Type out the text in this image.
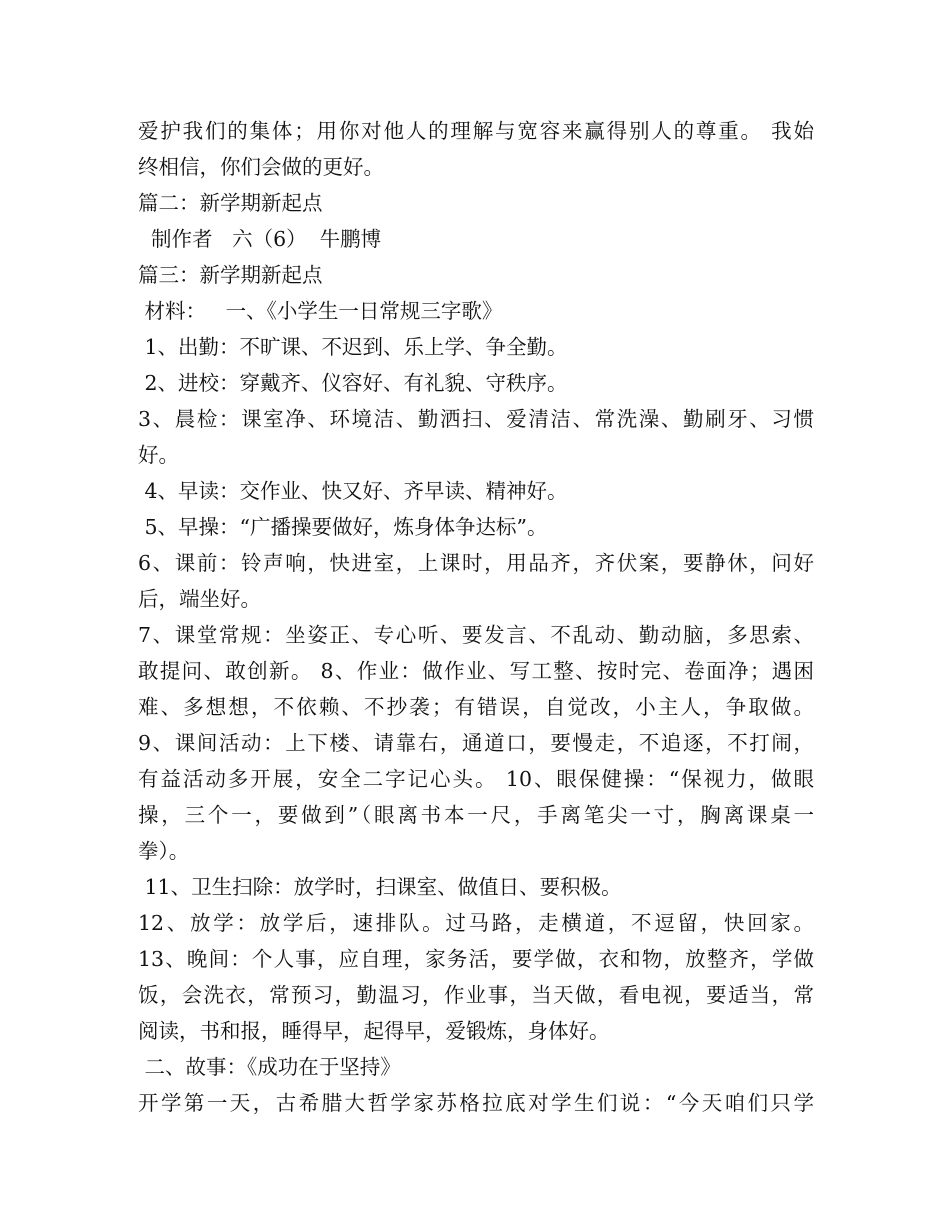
爱护我们的集体；用你对他人的理解与宽容来赢得别人的尊重。 我始
终相信，你们会做的更好。
篇二：新学期新起点
制作者   六（6）  牛鹏博
篇三：新学期新起点
材料：   一、《小学生一日常规三字歌》
1、出勤：不旷课、不迟到、乐上学、争全勤。
2、进校：穿戴齐、仪容好、有礼貌、守秩序。
3、晨检：课室净、环境洁、勤洒扫、爱清洁、常洗澡、勤刷牙、习惯
好。
4、早读：交作业、快又好、齐早读、精神好。
5、早操：“广播操要做好，炼身体争达标”。
6、课前：铃声响，快进室，上课时，用品齐，齐伏案，要静休，问好
后，端坐好。
7、课堂常规：坐姿正、专心听、要发言、不乱动、勤动脑，多思索、
敢提问、敢创新。 8、作业：做作业、写工整、按时完、卷面净；遇困
难、多想想，不依赖、不抄袭；有错误，自觉改，小主人，争取做。
9、课间活动：上下楼、请靠右，通道口，要慢走，不追逐，不打闹，
有益活动多开展，安全二字记心头。 10、眼保健操：“保视力，做眼
操，三个一，要做到”（眼离书本一尺，手离笔尖一寸，胸离课桌一
拳）。
11、卫生扫除：放学时，扫课室、做值日、要积极。
12、放学：放学后，速排队。过马路，走横道，不逗留，快回家。
13、晚间：个人事，应自理，家务活，要学做，衣和物，放整齐，学做
饭，会洗衣，常预习，勤温习，作业事，当天做，看电视，要适当，常
阅读，书和报，睡得早，起得早，爱锻炼，身体好。
二、故事：《成功在于坚持》
开学第一天，古希腊大哲学家苏格拉底对学生们说：“今天咱们只学
